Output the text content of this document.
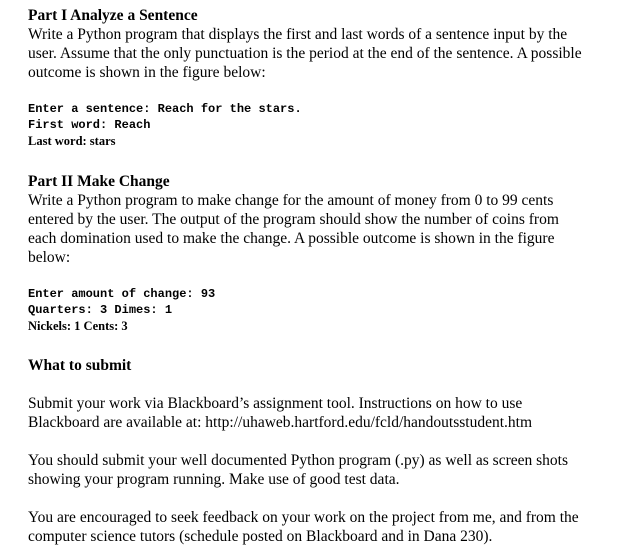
Part I Analyze a Sentence

Write a Python program that displays the first and last words of a sentence input by the

user. Assume that the only punctuation is the period at the end of the sentence. A possible

outcome is shown in the figure below:

Enter a sentence: Reach for the stars.

First word: Reach

Last word: stars

Part II Make Change

Write a Python program to make change for the amount of money from 0 to 99 cents

entered by the user. The output of the program should show the number of coins from

each domination used to make the change. A possible outcome is shown in the figure

below:

Enter amount of change: 93

Quarters: 3 Dimes: 1

Nickels: 1 Cents: 3

What to submit

Submit your work via Blackboard’s assignment tool. Instructions on how to use

Blackboard are available at: http://uhaweb.hartford.edu/fcld/handoutsstudent.htm

You should submit your well documented Python program (.py) as well as screen shots

showing your program running. Make use of good test data.

You are encouraged to seek feedback on your work on the project from me, and from the

computer science tutors (schedule posted on Blackboard and in Dana 230).
